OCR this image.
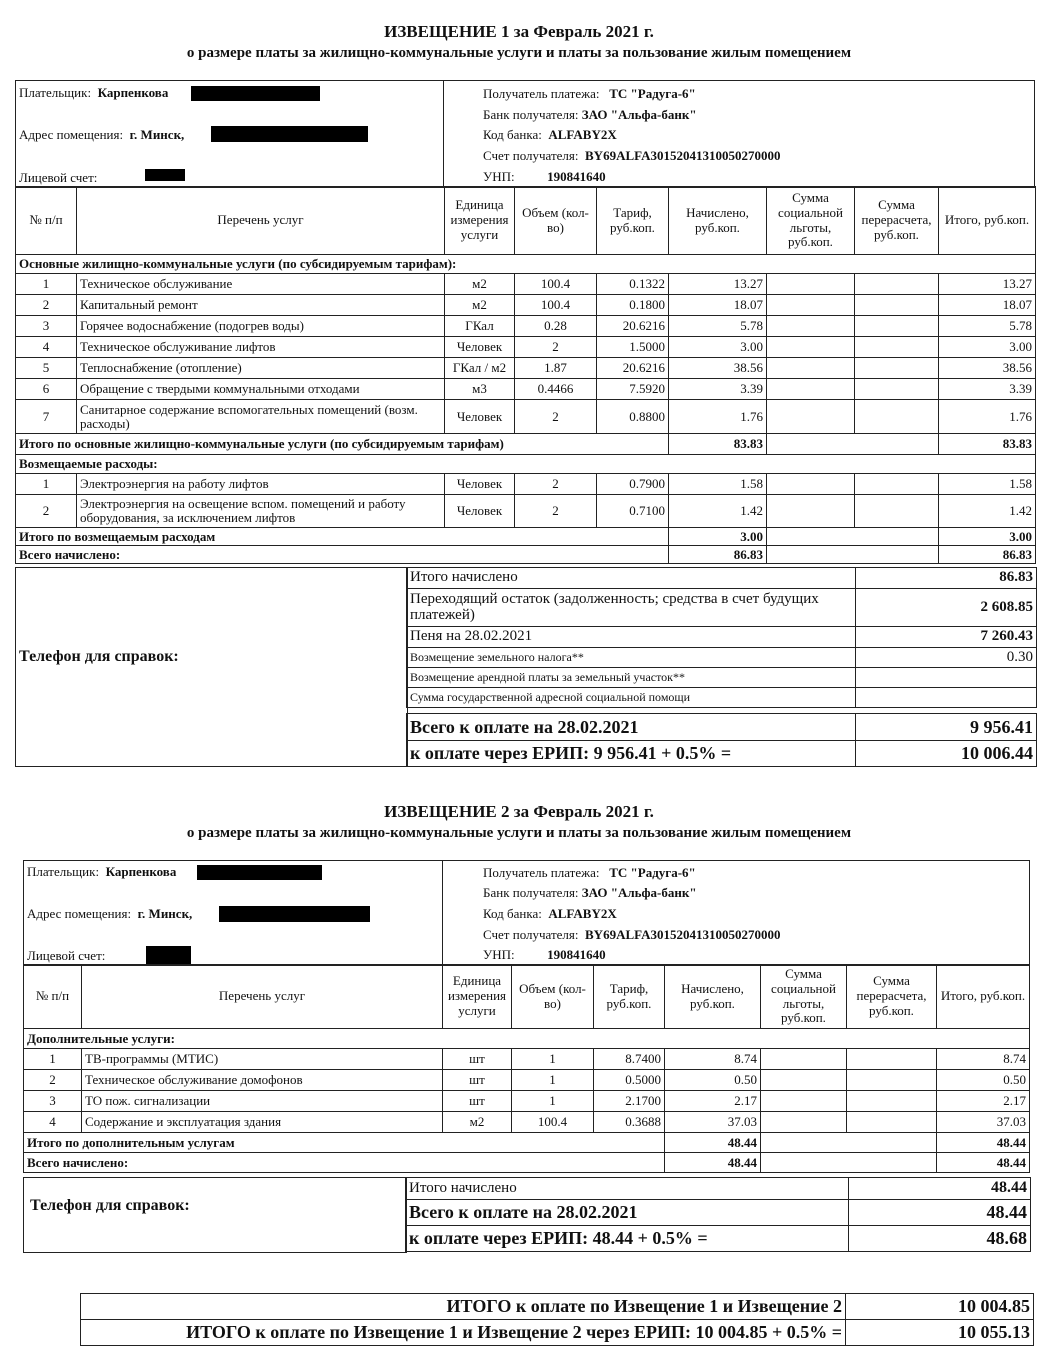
ИЗВЕЩЕНИЕ 1 за Февраль 2021 г.
о размере платы за жилищно-коммунальные услуги и платы за пользование жилым помещением
Плательщик: Карпенкова
Адрес помещения: г. Минск,
Лицевой счет:
Получатель платежа: ТС "Радуга-6"
Банк получателя: ЗАО "Альфа-банк"
Код банка: ALFABY2X
Счет получателя: BY69ALFA30152041310050270000
УНП:	190841640
№ п/п	Перечень услуг	Единица измерения услуги	Объем (кол-во)	Тариф, руб.коп.	Начислено, руб.коп.	Сумма социальной льготы, руб.коп.	Сумма перерасчета, руб.коп.	Итого, руб.коп.
Основные жилищно-коммунальные услуги (по субсидируемым тарифам):								
1	Техническое обслуживание	м2	100.4	0.1322	13.27			13.27
2	Капитальный ремонт	м2	100.4	0.1800	18.07			18.07
3	Горячее водоснабжение (подогрев воды)	ГКал	0.28	20.6216	5.78			5.78
4	Техническое обслуживание лифтов	Человек	2	1.5000	3.00			3.00
5	Теплоснабжение (отопление)	ГКал / м2	1.87	20.6216	38.56			38.56
6	Обращение с твердыми коммунальными отходами	м3	0.4466	7.5920	3.39			3.39
7	Санитарное содержание вспомогательных помещений (возм. расходы)	Человек	2	0.8800	1.76			1.76
Итого по основные жилищно-коммунальные услуги (по субсидируемым тарифам)					83.83			83.83
Возмещаемые расходы:								
1	Электроэнергия на работу лифтов	Человек	2	0.7900	1.58			1.58
2	Электроэнергия на освещение вспом. помещений и работу оборудования, за исключением лифтов	Человек	2	0.7100	1.42			1.42
Итого по возмещаемым расходам					3.00			3.00
Всего начислено:					86.83			86.83
Телефон для справок:
Итого начислено	86.83
Переходящий остаток (задолженность; средства в счет будущих платежей)	2 608.85
Пеня на 28.02.2021	7 260.43
Возмещение земельного налога**	0.30
Возмещение арендной платы за земельный участок**	
Сумма государственной адресной социальной помощи	
Всего к оплате на 28.02.2021	9 956.41
к оплате через ЕРИП: 9 956.41 + 0.5% =	10 006.44
ИЗВЕЩЕНИЕ 2 за Февраль 2021 г.
о размере платы за жилищно-коммунальные услуги и платы за пользование жилым помещением
Плательщик: Карпенкова
Адрес помещения: г. Минск,
Лицевой счет:
Получатель платежа: ТС "Радуга-6"
Банк получателя: ЗАО "Альфа-банк"
Код банка: ALFABY2X
Счет получателя: BY69ALFA30152041310050270000
УНП:	190841640
№ п/п	Перечень услуг	Единица измерения услуги	Объем (кол-во)	Тариф, руб.коп.	Начислено, руб.коп.	Сумма социальной льготы, руб.коп.	Сумма перерасчета, руб.коп.	Итого, руб.коп.
Дополнительные услуги:								
1	ТВ-программы (МТИС)	шт	1	8.7400	8.74			8.74
2	Техническое обслуживание домофонов	шт	1	0.5000	0.50			0.50
3	ТО пож. сигнализации	шт	1	2.1700	2.17			2.17
4	Содержание и эксплуатация здания	м2	100.4	0.3688	37.03			37.03
Итого по дополнительным услугам					48.44			48.44
Всего начислено:					48.44			48.44
Телефон для справок:
Итого начислено	48.44
Всего к оплате на 28.02.2021	48.44
к оплате через ЕРИП: 48.44 + 0.5% =	48.68
ИТОГО к оплате по Извещение 1 и Извещение 2	10 004.85
ИТОГО к оплате по Извещение 1 и Извещение 2 через ЕРИП: 10 004.85 + 0.5% =	10 055.13
